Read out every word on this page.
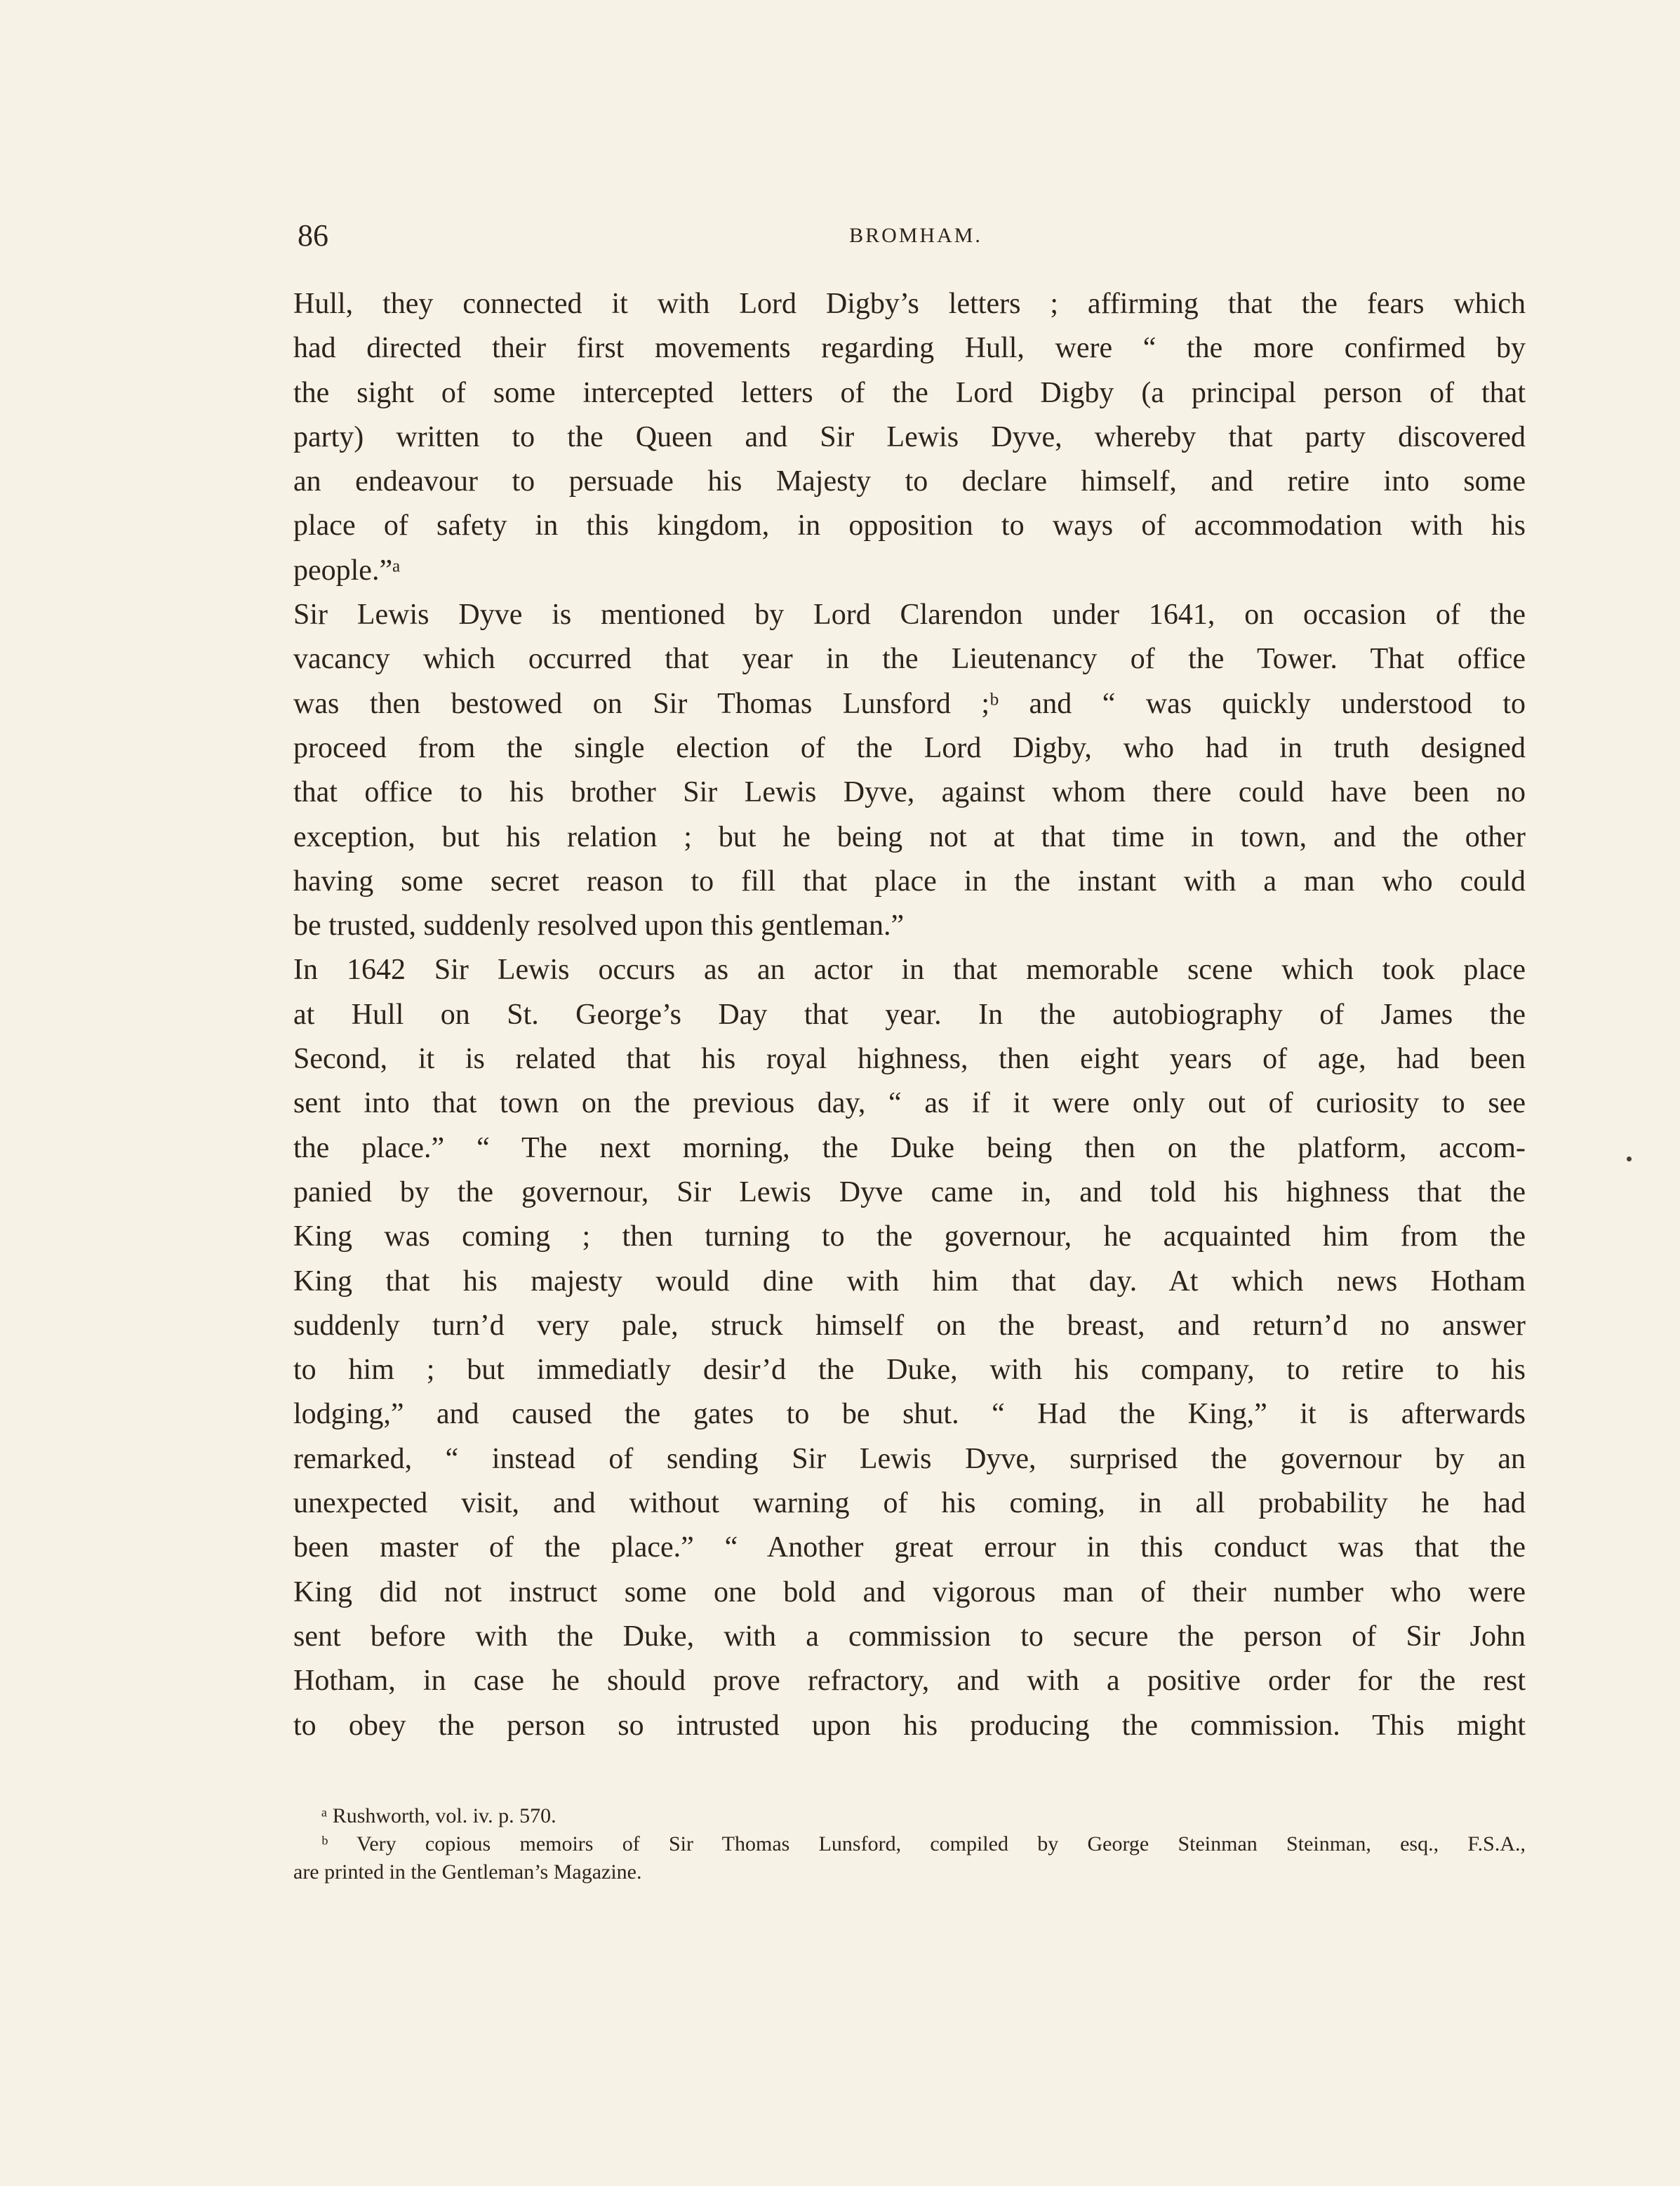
86	BROMHAM.
Hull, they connected it with Lord Digby’s letters ; affirming that the fears which
had directed their first movements regarding Hull, were “ the more confirmed by
the sight of some intercepted letters of the Lord Digby (a principal person of that
party) written to the Queen and Sir Lewis Dyve, whereby that party discovered
an endeavour to persuade his Majesty to declare himself, and retire into some
place of safety in this kingdom, in opposition to ways of accommodation with his
people.”ᵃ
Sir Lewis Dyve is mentioned by Lord Clarendon under 1641, on occasion of the
vacancy which occurred that year in the Lieutenancy of the Tower. That office
was then bestowed on Sir Thomas Lunsford ;ᵇ and “ was quickly understood to
proceed from the single election of the Lord Digby, who had in truth designed
that office to his brother Sir Lewis Dyve, against whom there could have been no
exception, but his relation ; but he being not at that time in town, and the other
having some secret reason to fill that place in the instant with a man who could
be trusted, suddenly resolved upon this gentleman.”
In 1642 Sir Lewis occurs as an actor in that memorable scene which took place
at Hull on St. George’s Day that year. In the autobiography of James the
Second, it is related that his royal highness, then eight years of age, had been
sent into that town on the previous day, “ as if it were only out of curiosity to see
the place.” “ The next morning, the Duke being then on the platform, accom-
panied by the governour, Sir Lewis Dyve came in, and told his highness that the
King was coming ; then turning to the governour, he acquainted him from the
King that his majesty would dine with him that day. At which news Hotham
suddenly turn’d very pale, struck himself on the breast, and return’d no answer
to him ; but immediatly desir’d the Duke, with his company, to retire to his
lodging,” and caused the gates to be shut. “ Had the King,” it is afterwards
remarked, “ instead of sending Sir Lewis Dyve, surprised the governour by an
unexpected visit, and without warning of his coming, in all probability he had
been master of the place.” “ Another great errour in this conduct was that the
King did not instruct some one bold and vigorous man of their number who were
sent before with the Duke, with a commission to secure the person of Sir John
Hotham, in case he should prove refractory, and with a positive order for the rest
to obey the person so intrusted upon his producing the commission. This might
ᵃ Rushworth, vol. iv. p. 570.
ᵇ Very copious memoirs of Sir Thomas Lunsford, compiled by George Steinman Steinman, esq., F.S.A.,
are printed in the Gentleman’s Magazine.
